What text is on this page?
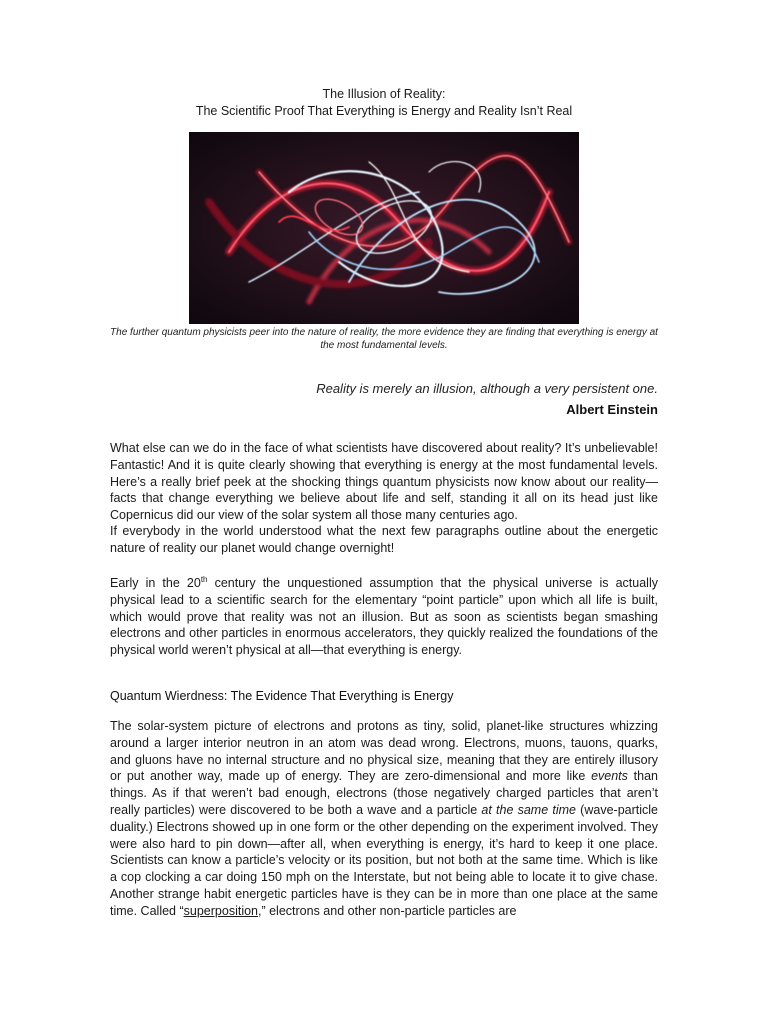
The Illusion of Reality:
The Scientific Proof That Everything is Energy and Reality Isn’t Real
The further quantum physicists peer into the nature of reality, the more evidence they are finding that everything is energy at the most fundamental levels.
Reality is merely an illusion, although a very persistent one.
Albert Einstein

What else can we do in the face of what scientists have discovered about reality? It’s unbelievable! Fantastic! And it is quite clearly showing that everything is energy at the most fundamental levels. Here’s a really brief peek at the shocking things quantum physicists now know about our reality—facts that change everything we believe about life and self, standing it all on its head just like Copernicus did our view of the solar system all those many centuries ago.

If everybody in the world understood what the next few paragraphs outline about the energetic nature of reality our planet would change overnight!

Early in the 20th century the unquestioned assumption that the physical universe is actually physical lead to a scientific search for the elementary “point particle” upon which all life is built, which would prove that reality was not an illusion. But as soon as scientists began smashing electrons and other particles in enormous accelerators, they quickly realized the foundations of the physical world weren’t physical at all—that everything is energy.

Quantum Wierdness: The Evidence That Everything is Energy

The solar-system picture of electrons and protons as tiny, solid, planet-like structures whizzing around a larger interior neutron in an atom was dead wrong. Electrons, muons, tauons, quarks, and gluons have no internal structure and no physical size, meaning that they are entirely illusory or put another way, made up of energy. They are zero-dimensional and more like events than things. As if that weren’t bad enough, electrons (those negatively charged particles that aren’t really particles) were discovered to be both a wave and a particle at the same time (wave-particle duality.) Electrons showed up in one form or the other depending on the experiment involved. They were also hard to pin down—after all, when everything is energy, it’s hard to keep it one place. Scientists can know a particle’s velocity or its position, but not both at the same time. Which is like a cop clocking a car doing 150 mph on the Interstate, but not being able to locate it to give chase. Another strange habit energetic particles have is they can be in more than one place at the same time. Called “superposition,” electrons and other non-particle particles are
